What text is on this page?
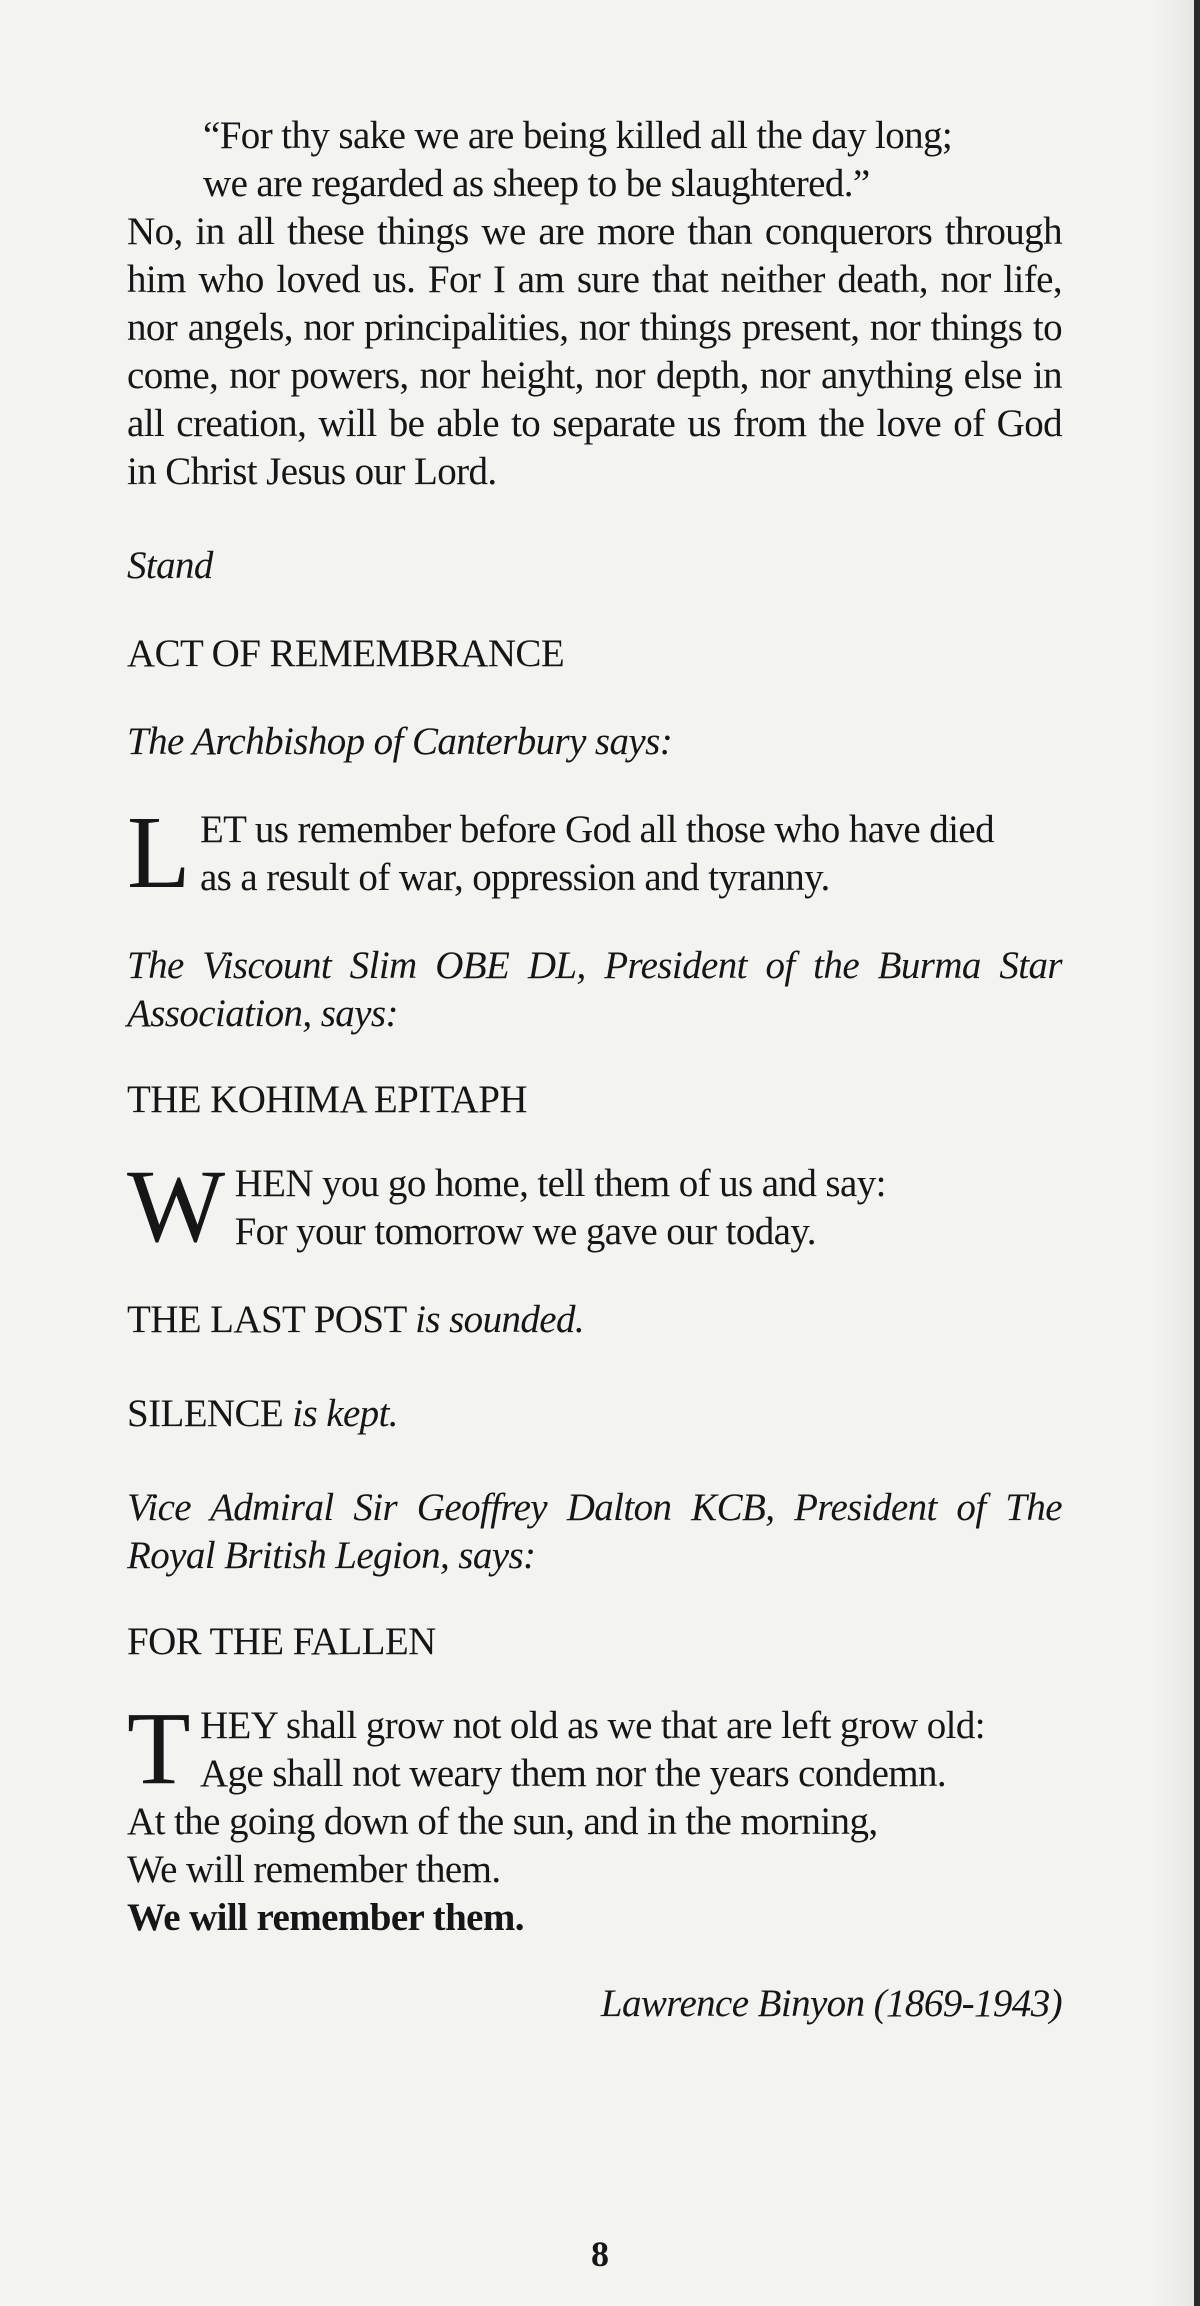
“For thy sake we are being killed all the day long;

we are regarded as sheep to be slaughtered.”

No, in all these things we are more than conquerors through him who loved us. For I am sure that neither death, nor life, nor angels, nor principalities, nor things present, nor things to come, nor powers, nor height, nor depth, nor anything else in all creation, will be able to separate us from the love of God in Christ Jesus our Lord.

Stand

ACT OF REMEMBRANCE

The Archbishop of Canterbury says:

L ET us remember before God all those who have died
as a result of war, oppression and tyranny.

The Viscount Slim OBE DL, President of the Burma Star Association, says:

THE KOHIMA EPITAPH

W HEN you go home, tell them of us and say:
For your tomorrow we gave our today.

THE LAST POST is sounded.

SILENCE is kept.

Vice Admiral Sir Geoffrey Dalton KCB, President of The Royal British Legion, says:

FOR THE FALLEN

T HEY shall grow not old as we that are left grow old:
Age shall not weary them nor the years condemn.

At the going down of the sun, and in the morning,

We will remember them.

We will remember them.

Lawrence Binyon (1869-1943)

8
